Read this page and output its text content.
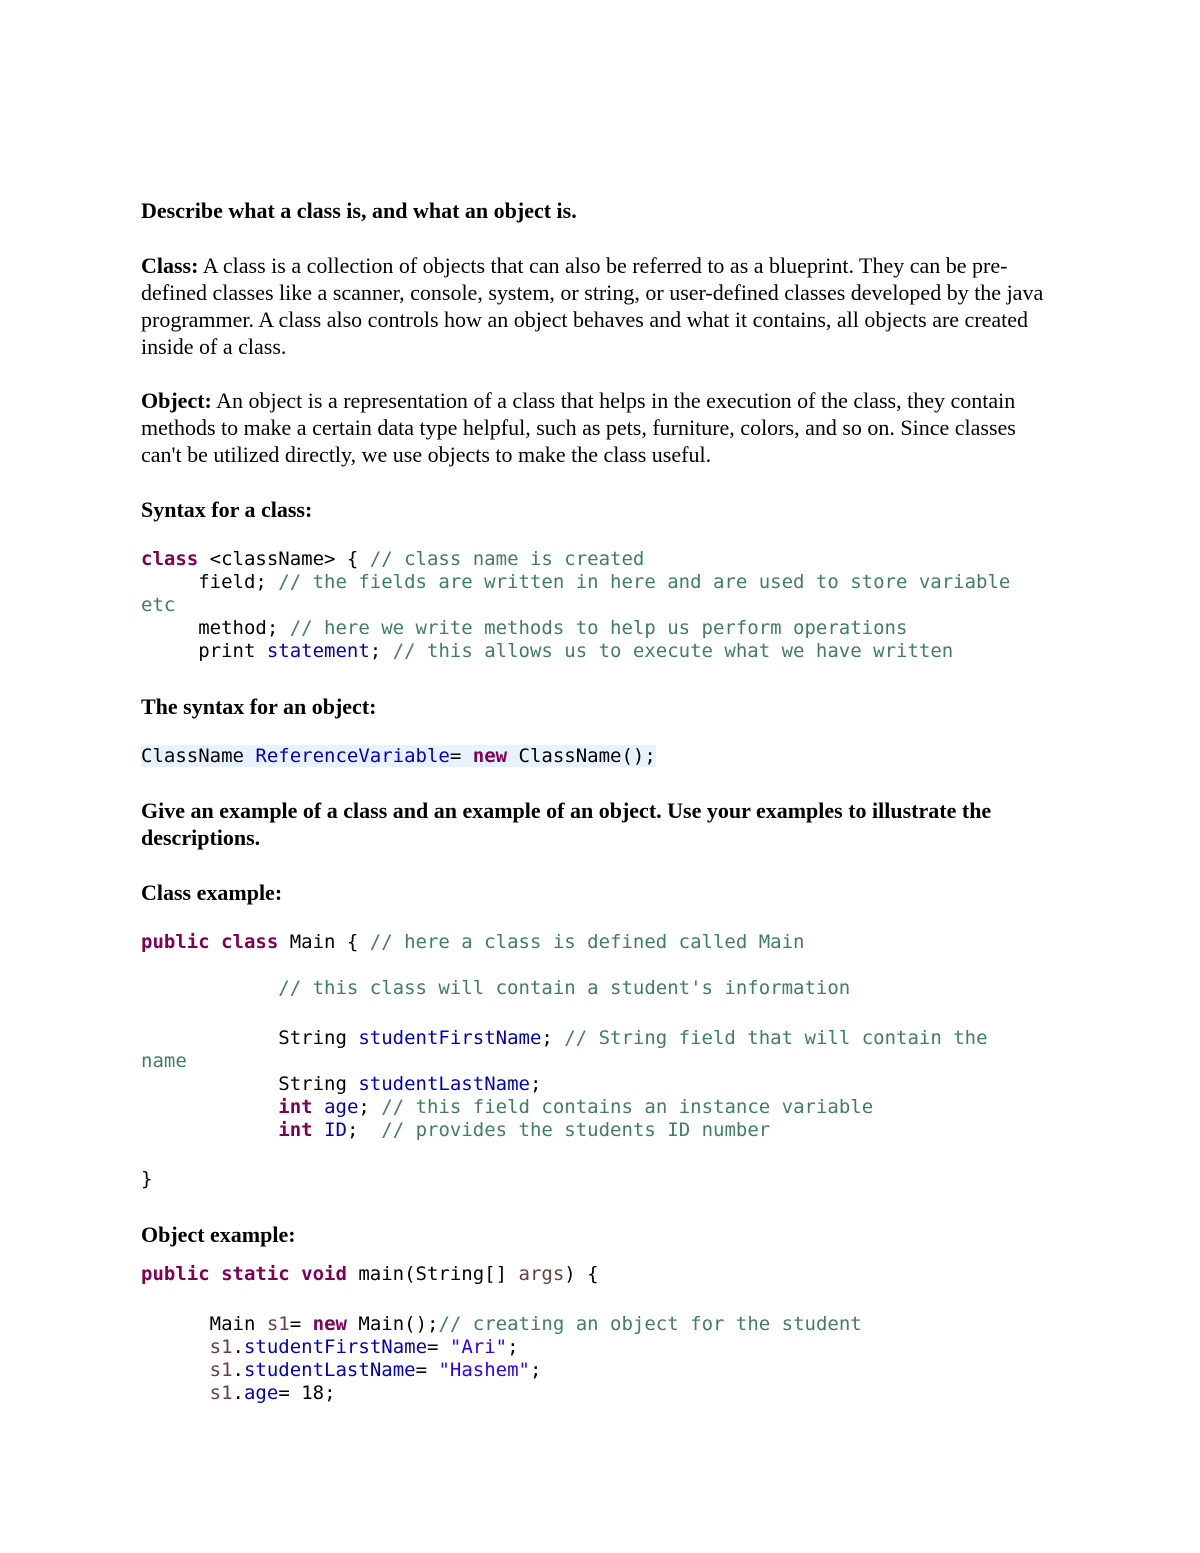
Describe what a class is, and what an object is.

Class: A class is a collection of objects that can also be referred to as a blueprint. They can be pre-defined classes like a scanner, console, system, or string, or user-defined classes developed by the java programmer. A class also controls how an object behaves and what it contains, all objects are created inside of a class.

Object: An object is a representation of a class that helps in the execution of the class, they contain methods to make a certain data type helpful, such as pets, furniture, colors, and so on. Since classes can't be utilized directly, we use objects to make the class useful.

Syntax for a class:

class <className> { // class name is created
field; // the fields are written in here and are used to store variable
etc
method; // here we write methods to help us perform operations
print statement; // this allows us to execute what we have written

The syntax for an object:

ClassName ReferenceVariable= new ClassName();

Give an example of a class and an example of an object. Use your examples to illustrate the descriptions.

Class example:

public class Main { // here a class is defined called Main
// this class will contain a student's information
String studentFirstName; // String field that will contain the
name
String studentLastName;
int age; // this field contains an instance variable
int ID;  // provides the students ID number
}

Object example:

public static void main(String[] args) {
Main s1= new Main();// creating an object for the student
s1.studentFirstName= "Ari";
s1.studentLastName= "Hashem";
s1.age= 18;
